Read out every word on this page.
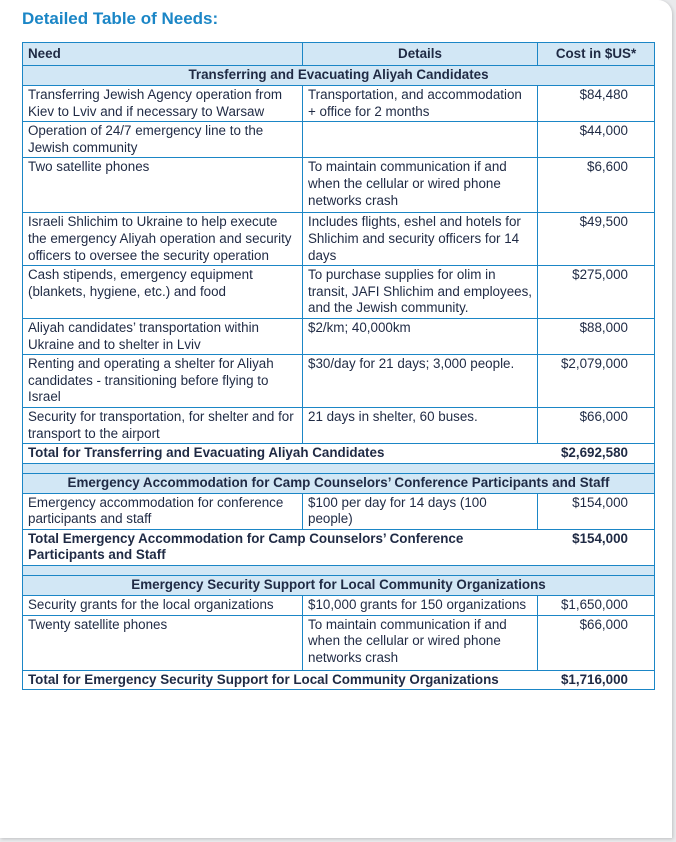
Detailed Table of Needs:
Need	Details	Cost in $US*
Transferring and Evacuating Aliyah Candidates		
Transferring Jewish Agency operation from Kiev to Lviv and if necessary to Warsaw	Transportation, and accommodation + office for 2 months	$84,480
Operation of 24/7 emergency line to the Jewish community		$44,000
Two satellite phones	To maintain communication if and when the cellular or wired phone networks crash	$6,600
Israeli Shlichim to Ukraine to help execute the emergency Aliyah operation and security officers to oversee the security operation	Includes flights, eshel and hotels for Shlichim and security officers for 14 days	$49,500
Cash stipends, emergency equipment (blankets, hygiene, etc.) and food	To purchase supplies for olim in transit, JAFI Shlichim and employees, and the Jewish community.	$275,000
Aliyah candidates’ transportation within Ukraine and to shelter in Lviv	$2/km; 40,000km	$88,000
Renting and operating a shelter for Aliyah candidates - transitioning before flying to Israel	$30/day for 21 days; 3,000 people.	$2,079,000
Security for transportation, for shelter and for transport to the airport	21 days in shelter, 60 buses.	$66,000
Total for Transferring and Evacuating Aliyah Candidates		$2,692,580

Emergency Accommodation for Camp Counselors’ Conference Participants and Staff		
Emergency accommodation for conference participants and staff	$100 per day for 14 days (100 people)	$154,000
Total Emergency Accommodation for Camp Counselors’ Conference Participants and Staff		$154,000

Emergency Security Support for Local Community Organizations		
Security grants for the local organizations	$10,000 grants for 150 organizations	$1,650,000
Twenty satellite phones	To maintain communication if and when the cellular or wired phone networks crash	$66,000
Total for Emergency Security Support for Local Community Organizations		$1,716,000
